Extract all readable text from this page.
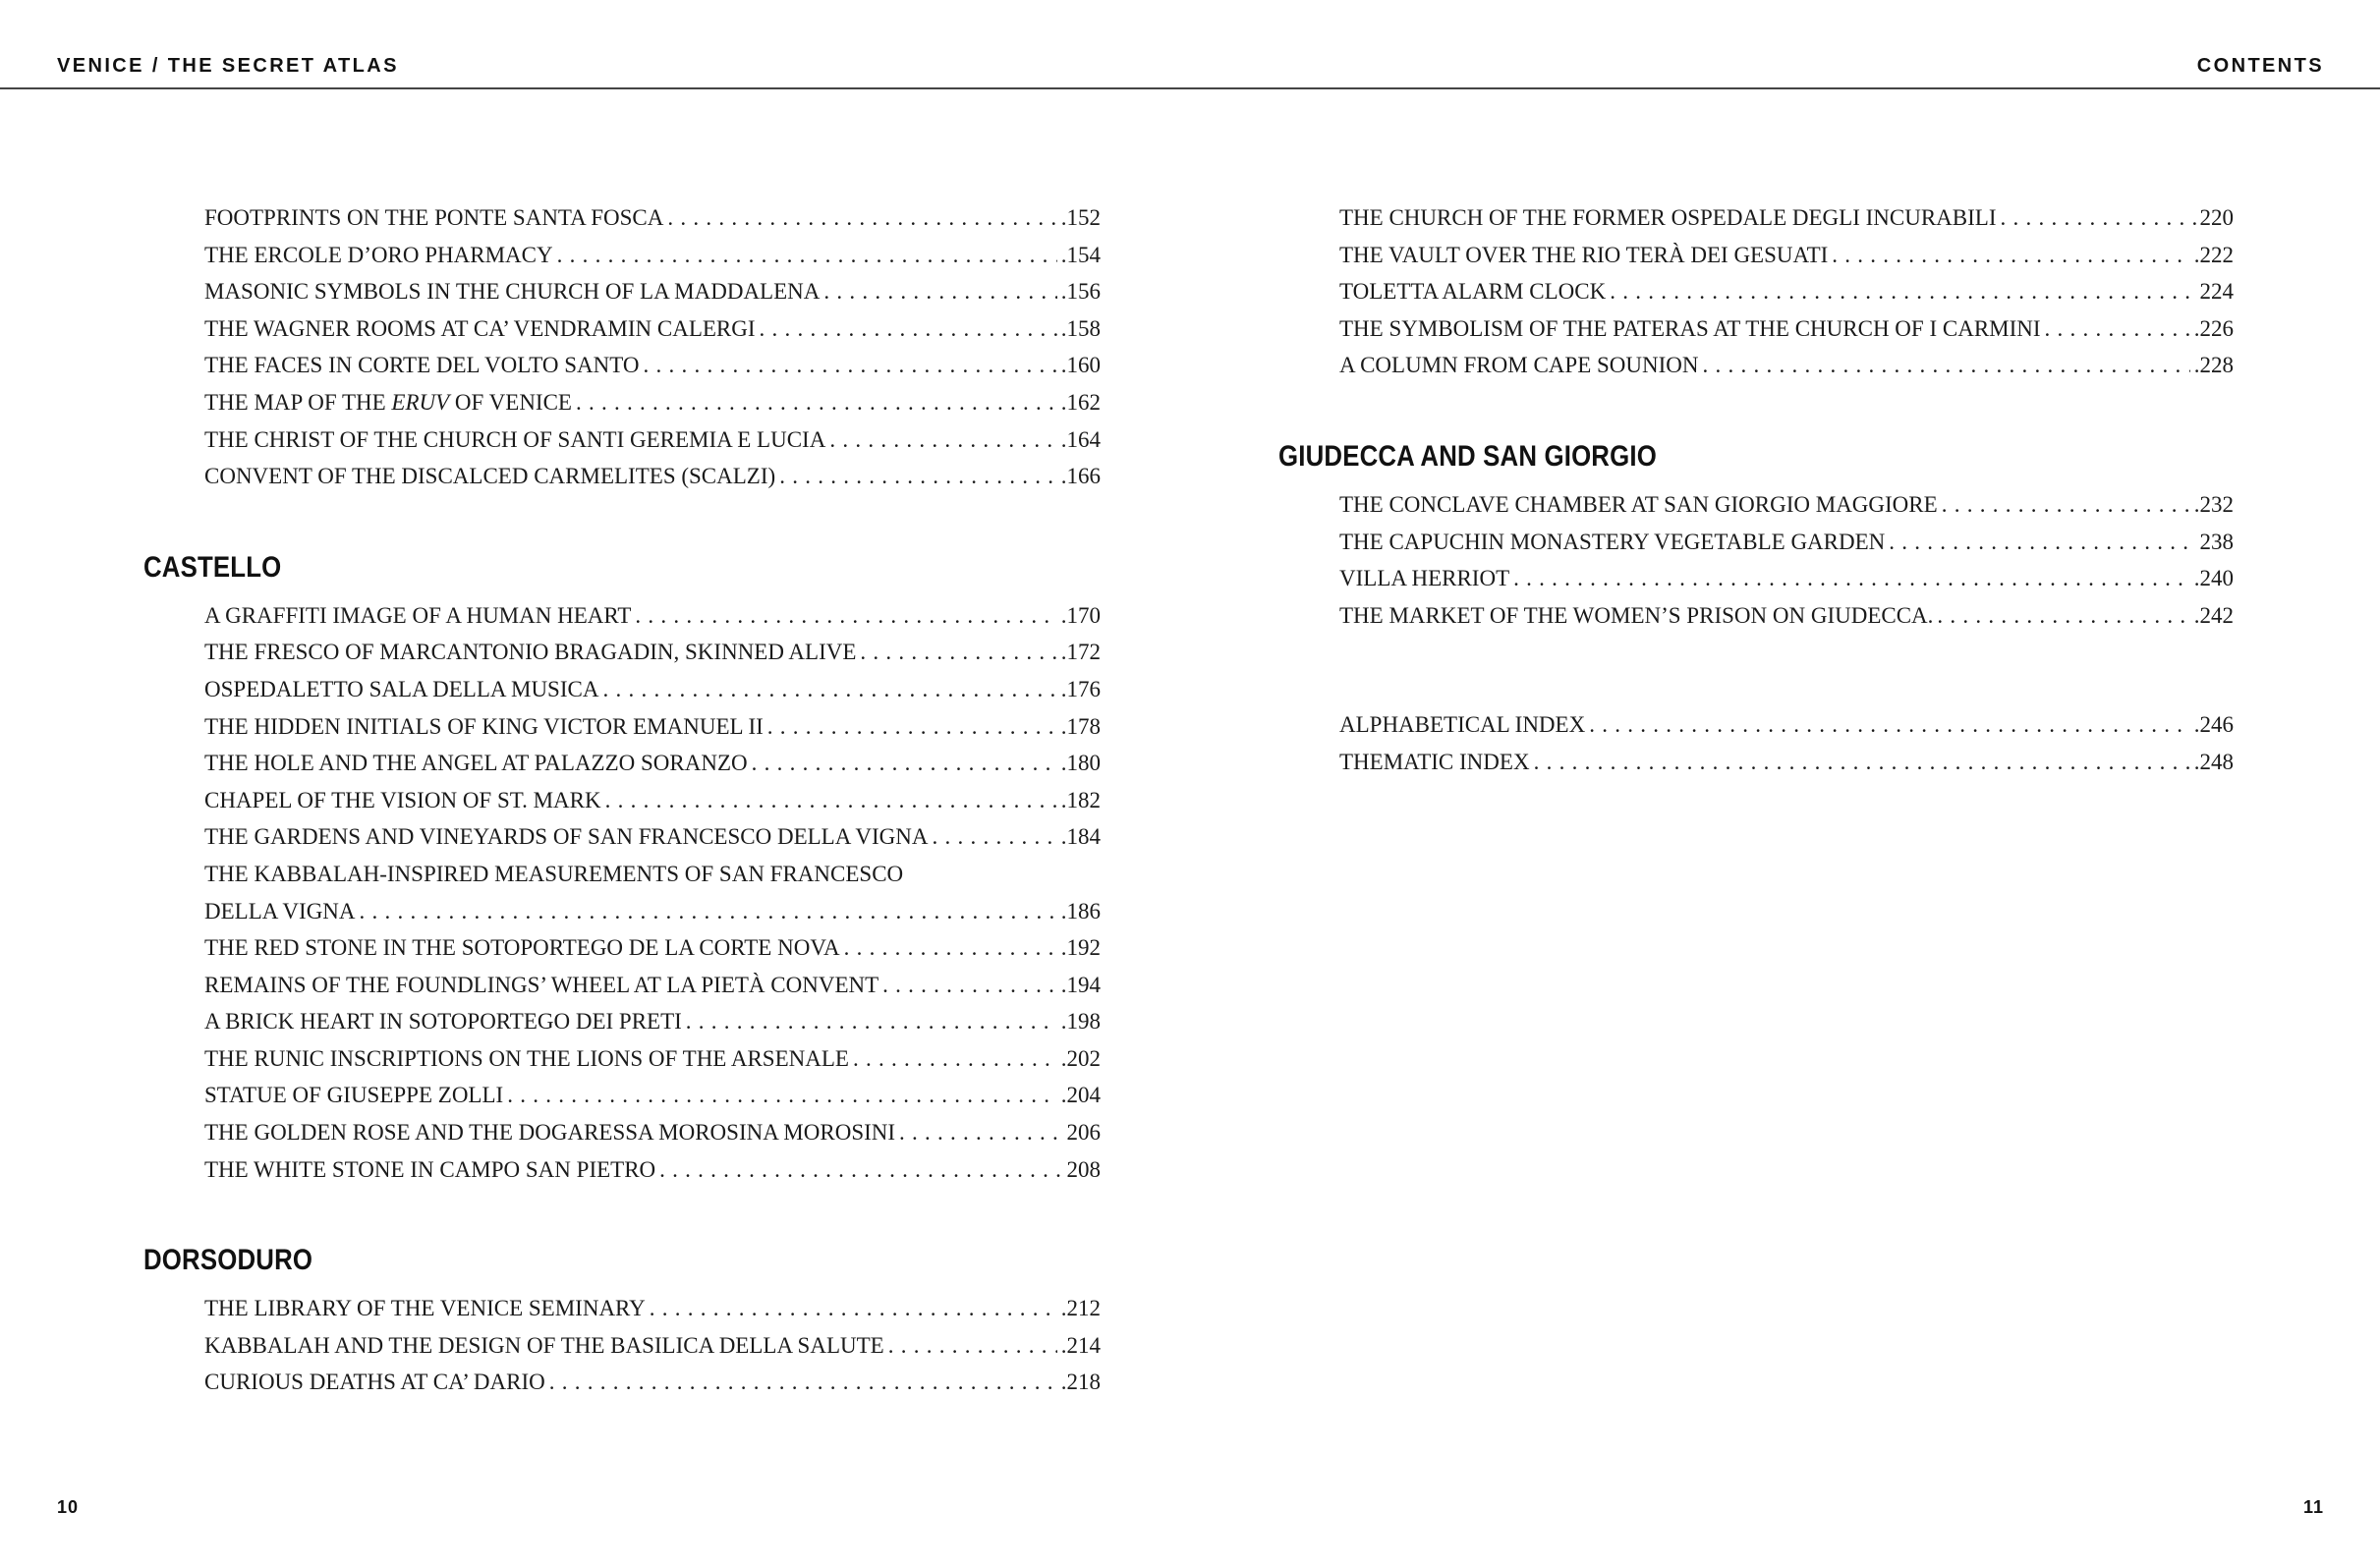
VENICE / THE SECRET ATLAS	CONTENTS
FOOTPRINTS ON THE PONTE SANTA FOSCA . . .	.152
THE ERCOLE D’ORO PHARMACY . . .	.154
MASONIC SYMBOLS IN THE CHURCH OF LA MADDALENA . . .	.156
THE WAGNER ROOMS AT CA’ VENDRAMIN CALERGI . . .	.158
THE FACES IN CORTE DEL VOLTO SANTO . . .	.160
THE MAP OF THE ERUV OF VENICE . . .	.162
THE CHRIST OF THE CHURCH OF SANTI GEREMIA E LUCIA . . .	.164
CONVENT OF THE DISCALCED CARMELITES (SCALZI) . . .	.166
CASTELLO
A GRAFFITI IMAGE OF A HUMAN HEART . . .	.170
THE FRESCO OF MARCANTONIO BRAGADIN, SKINNED ALIVE . . .	.172
OSPEDALETTO SALA DELLA MUSICA . . .	.176
THE HIDDEN INITIALS OF KING VICTOR EMANUEL II . . .	.178
THE HOLE AND THE ANGEL AT PALAZZO SORANZO . . .	.180
CHAPEL OF THE VISION OF ST. MARK . . .	.182
THE GARDENS AND VINEYARDS OF SAN FRANCESCO DELLA VIGNA . . .	.184
THE KABBALAH-INSPIRED MEASUREMENTS OF SAN FRANCESCO
DELLA VIGNA . . .	.186
THE RED STONE IN THE SOTOPORTEGO DE LA CORTE NOVA . . .	.192
REMAINS OF THE FOUNDLINGS’ WHEEL AT LA PIETÀ CONVENT . . .	.194
A BRICK HEART IN SOTOPORTEGO DEI PRETI . . .	.198
THE RUNIC INSCRIPTIONS ON THE LIONS OF THE ARSENALE . . .	.202
STATUE OF GIUSEPPE ZOLLI . . .	.204
THE GOLDEN ROSE AND THE DOGARESSA MOROSINA MOROSINI . . .	206
THE WHITE STONE IN CAMPO SAN PIETRO . . .	208
DORSODURO
THE LIBRARY OF THE VENICE SEMINARY . . .	.212
KABBALAH AND THE DESIGN OF THE BASILICA DELLA SALUTE . . .	.214
CURIOUS DEATHS AT CA’ DARIO . . .	.218
THE CHURCH OF THE FORMER OSPEDALE DEGLI INCURABILI . . .	220
THE VAULT OVER THE RIO TERÀ DEI GESUATI . . .	.222
TOLETTA ALARM CLOCK . . .	224
THE SYMBOLISM OF THE PATERAS AT THE CHURCH OF I CARMINI . . .	.226
A COLUMN FROM CAPE SOUNION . . .	.228
GIUDECCA AND SAN GIORGIO
THE CONCLAVE CHAMBER AT SAN GIORGIO MAGGIORE . . .	.232
THE CAPUCHIN MONASTERY VEGETABLE GARDEN . . .	238
VILLA HERRIOT . . .	.240
THE MARKET OF THE WOMEN’S PRISON ON GIUDECCA. . . .	.242
ALPHABETICAL INDEX . . .	.246
THEMATIC INDEX . . .	.248
10	11
